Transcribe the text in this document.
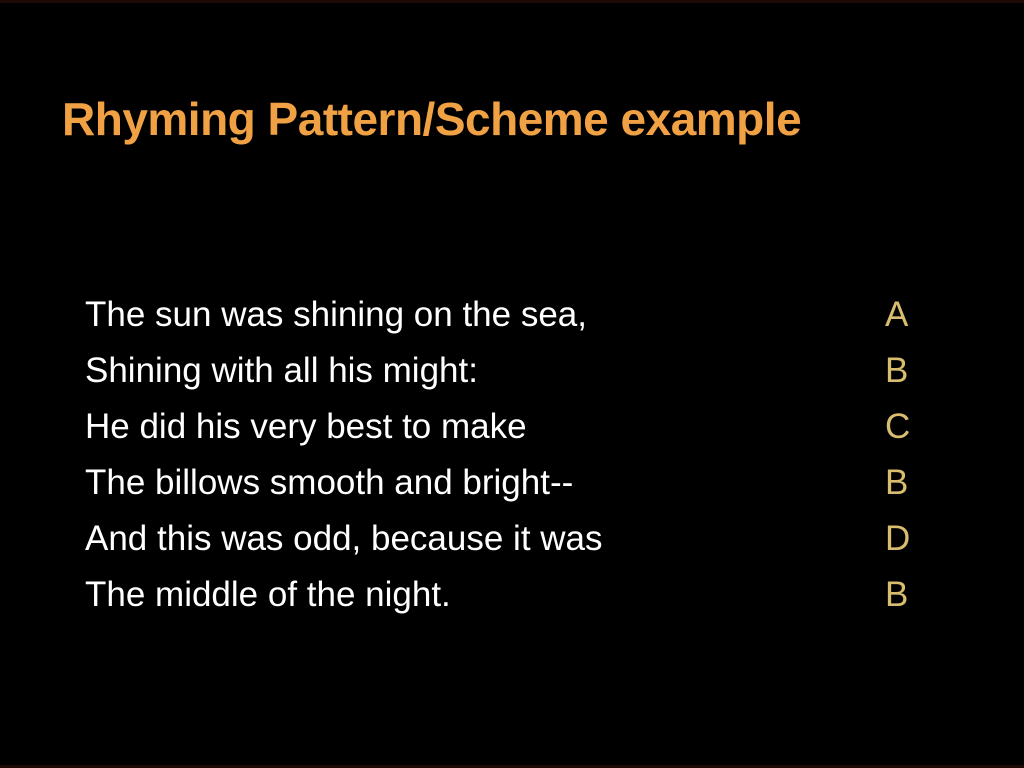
Rhyming Pattern/Scheme example
The sun was shining on the sea,	A
Shining with all his might:	B
He did his very best to make	C
The billows smooth and bright--	B
And this was odd, because it was	D
The middle of the night.	B
